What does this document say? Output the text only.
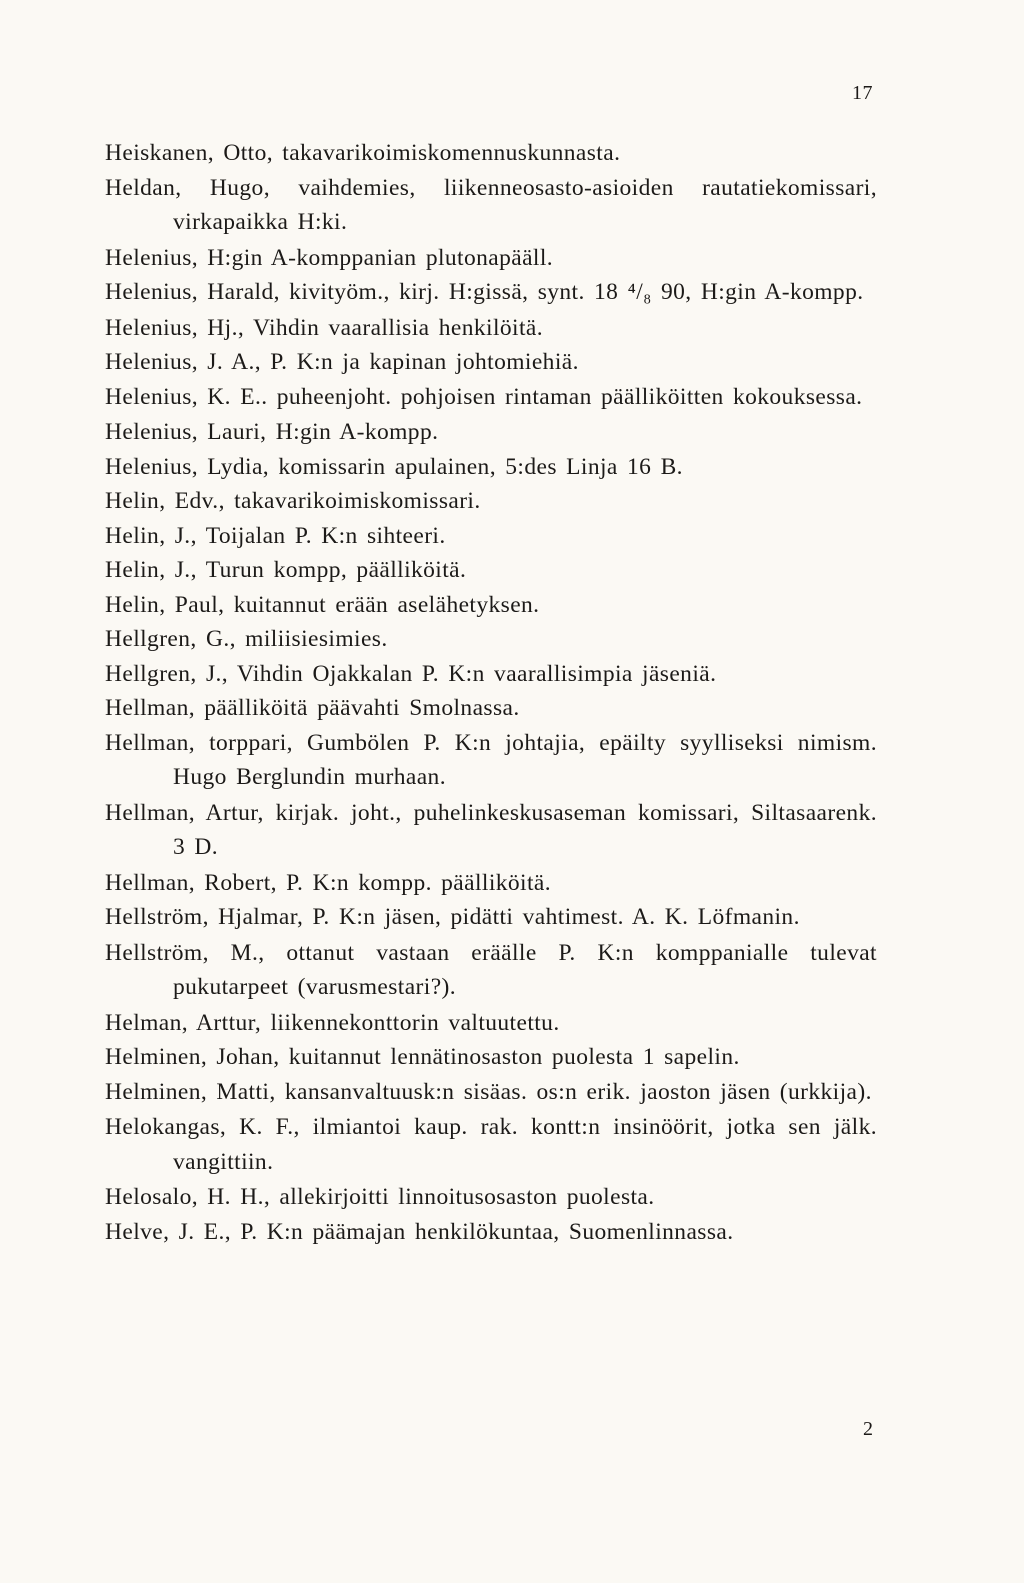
17

Heiskanen, Otto, takavarikoimiskomennuskunnasta.

Heldan, Hugo, vaihdemies, liikenneosasto-asioiden rautatiekomissari, virkapaikka H:ki.

Helenius, H:gin A-komppanian plutonapääll.

Helenius, Harald, kivityöm., kirj. H:gissä, synt. 18 ⁴/₈ 90, H:gin A-kompp.

Helenius, Hj., Vihdin vaarallisia henkilöitä.

Helenius, J. A., P. K:n ja kapinan johtomiehiä.

Helenius, K. E.. puheenjoht. pohjoisen rintaman päälliköitten kokouksessa.

Helenius, Lauri, H:gin A-kompp.

Helenius, Lydia, komissarin apulainen, 5:des Linja 16 B.

Helin, Edv., takavarikoimiskomissari.

Helin, J., Toijalan P. K:n sihteeri.

Helin, J., Turun kompp, päälliköitä.

Helin, Paul, kuitannut erään aselähetyksen.

Hellgren, G., miliisiesimies.

Hellgren, J., Vihdin Ojakkalan P. K:n vaarallisimpia jäseniä.

Hellman, päälliköitä päävahti Smolnassa.

Hellman, torppari, Gumbölen P. K:n johtajia, epäilty syylliseksi nimism. Hugo Berglundin murhaan.

Hellman, Artur, kirjak. joht., puhelinkeskusaseman komissari, Siltasaarenk. 3 D.

Hellman, Robert, P. K:n kompp. päälliköitä.

Hellström, Hjalmar, P. K:n jäsen, pidätti vahtimest. A. K. Löfmanin.

Hellström, M., ottanut vastaan eräälle P. K:n komppanialle tulevat pukutarpeet (varusmestari?).

Helman, Arttur, liikennekonttorin valtuutettu.

Helminen, Johan, kuitannut lennätinosaston puolesta 1 sapelin.

Helminen, Matti, kansanvaltuusk:n sisäas. os:n erik. jaoston jäsen (urkkija).

Helokangas, K. F., ilmiantoi kaup. rak. kontt:n insinöörit, jotka sen jälk. vangittiin.

Helosalo, H. H., allekirjoitti linnoitusosaston puolesta.

Helve, J. E., P. K:n päämajan henkilökuntaa, Suomenlinnassa.

2
